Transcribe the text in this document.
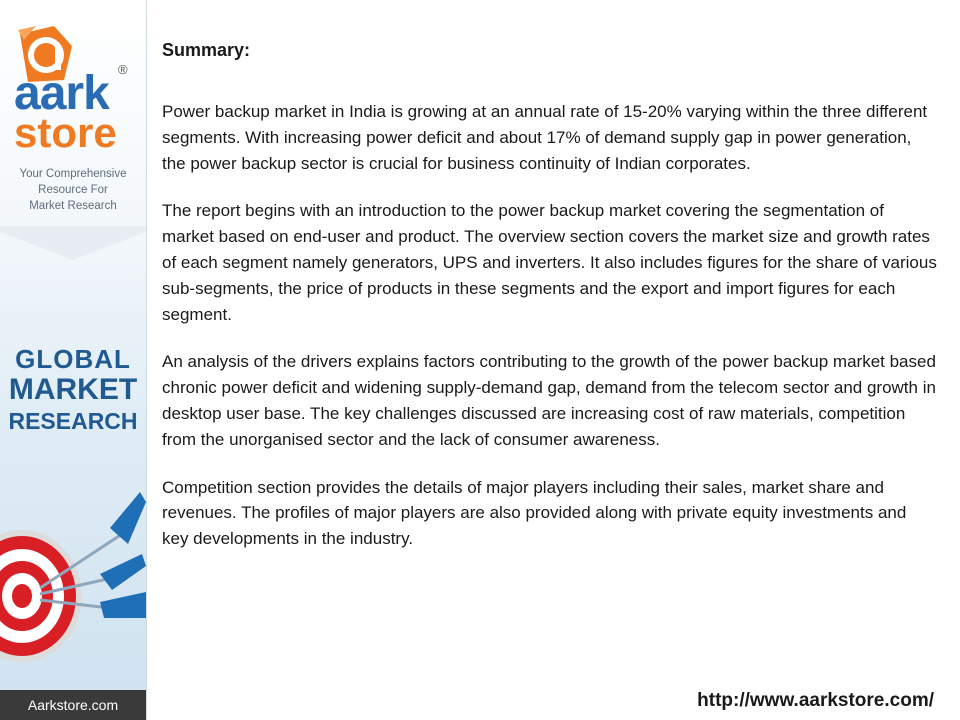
®
aark
store
Your Comprehensive
Resource For
Market Research
GLOBAL
MARKET
RESEARCH
Aarkstore.com
Summary:

Power backup market in India is growing at an annual rate of 15-20% varying within the three different segments. With increasing power deficit and about 17% of demand supply gap in power generation, the power backup sector is crucial for business continuity of Indian corporates.

The report begins with an introduction to the power backup market covering the segmentation of market based on end-user and product. The overview section covers the market size and growth rates of each segment namely generators, UPS and inverters. It also includes figures for the share of various sub-segments, the price of products in these segments and the export and import figures for each segment.

An analysis of the drivers explains factors contributing to the growth of the power backup market based chronic power deficit and widening supply-demand gap, demand from the telecom sector and growth in desktop user base. The key challenges discussed are increasing cost of raw materials, competition from the unorganised sector and the lack of consumer awareness.

Competition section provides the details of major players including their sales, market share and revenues. The profiles of major players are also provided along with private equity investments and key developments in the industry.

http://www.aarkstore.com/
